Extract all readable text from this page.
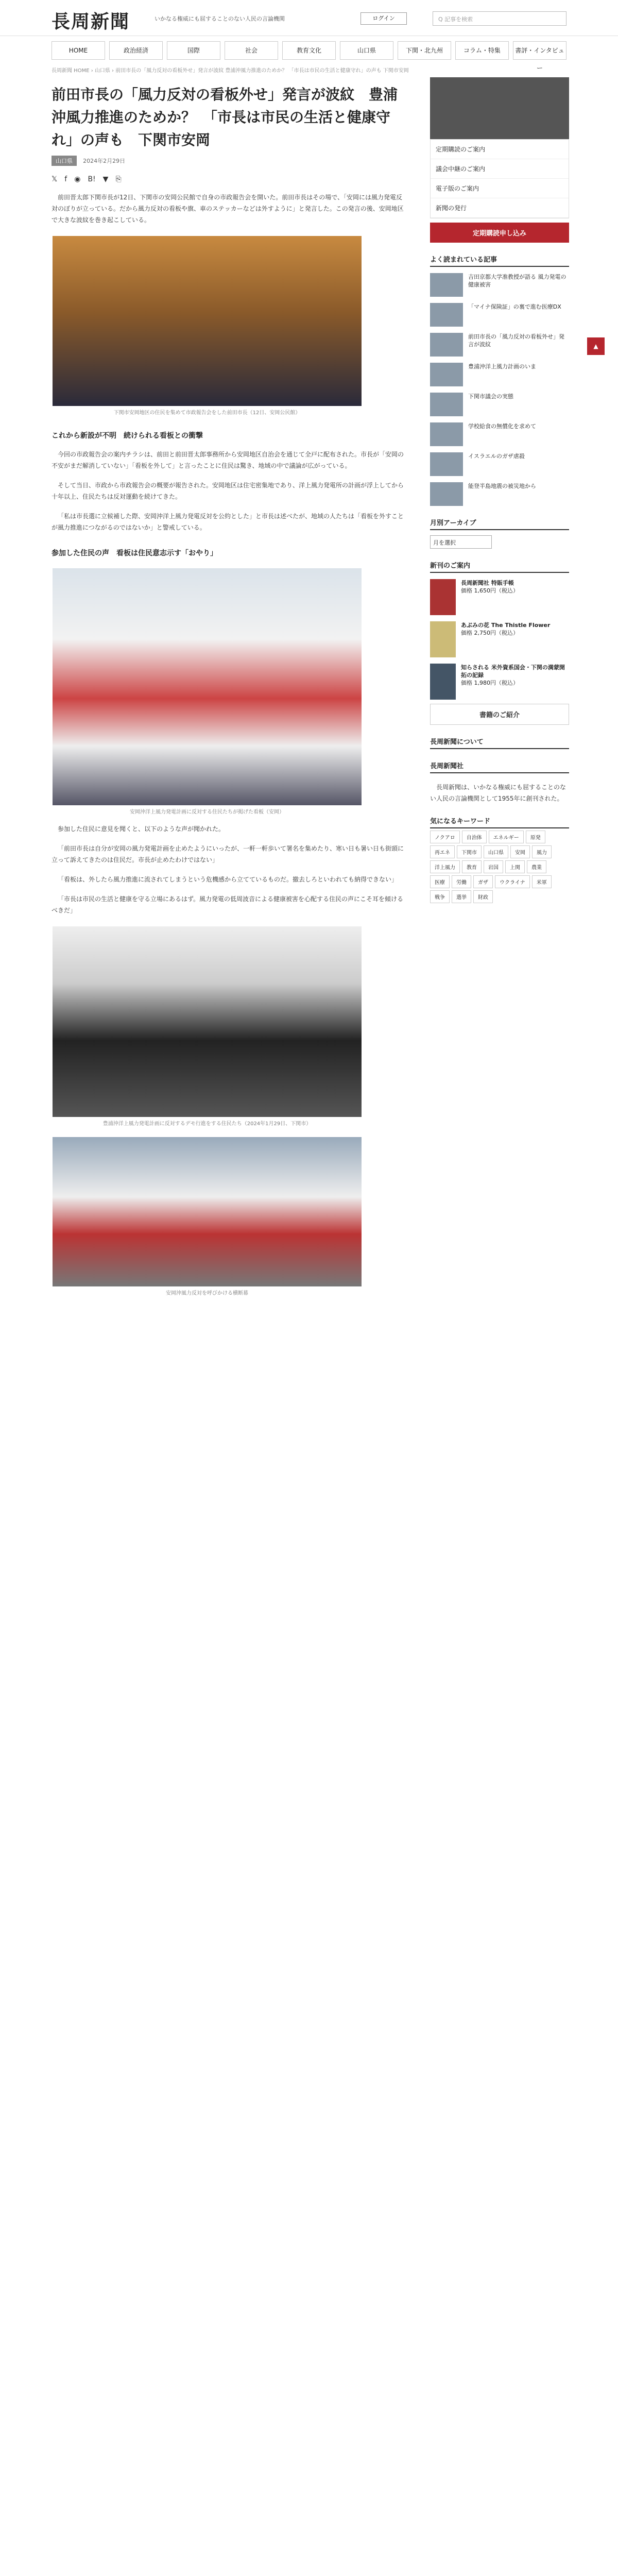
長周新聞	いかなる権威にも屈することのない人民の言論機関	ログイン	Q 記事を検索
HOME	政治経済	国際	社会	教育文化	山口県	下関・北九州	コラム・特集	書評・インタビュー
長周新聞 HOME › 山口県 › 前田市長の「風力反対の看板外せ」発言が波紋 豊浦沖風力推進のためか？ 「市長は市民の生活と健康守れ」の声も 下関市安岡
前田市長の「風力反対の看板外せ」発言が波紋　豊浦沖風力推進のためか？　「市長は市民の生活と健康守れ」の声も　下関市安岡
山口県 2024年2月29日
𝕏 f ◉ B! ▼ ⎘

前田晋太郎下関市長が12日、下関市の安岡公民館で自身の市政報告会を開いた。前田市長はその場で、「安岡には風力発電反対のぼりが立っている。だから風力反対の看板や旗、車のステッカーなどは外すように」と発言した。この発言の後、安岡地区で大きな波紋を巻き起こしている。

下関市安岡地区の住民を集めて市政報告会をした前田市長（12日、安岡公民館）
これから新設が不明　続けられる看板との衝撃

今回の市政報告会の案内チラシは、前田と前田晋太郎事務所から安岡地区自治会を通じて全戸に配布された。市長が「安岡の不安がまだ解消していない」「看板を外して」と言ったことに住民は驚き、地域の中で議論が広がっている。

そして当日、市政から市政報告会の概要が報告された。安岡地区は住宅密集地であり、洋上風力発電所の計画が浮上してから十年以上、住民たちは反対運動を続けてきた。

「私は市長選に立候補した際、安岡沖洋上風力発電反対を公約とした」と市長は述べたが、地域の人たちは「看板を外すことが風力推進につながるのではないか」と警戒している。

参加した住民の声　看板は住民意志示す「おやり」
安岡沖洋上風力発電計画に反対する住民たちが掲げた看板（安岡）

参加した住民に意見を聞くと、以下のような声が聞かれた。

「前田市長は自分が安岡の風力発電計画を止めたようにいったが、一軒一軒歩いて署名を集めたり、寒い日も暑い日も街頭に立って訴えてきたのは住民だ。市長が止めたわけではない」

「看板は、外したら風力推進に流されてしまうという危機感から立てているものだ。撤去しろといわれても納得できない」

「市長は市民の生活と健康を守る立場にあるはず。風力発電の低周波音による健康被害を心配する住民の声にこそ耳を傾けるべきだ」

豊浦沖洋上風力発電計画に反対するデモ行進をする住民たち（2024年1月29日、下関市）
安岡沖風力反対を呼びかける横断幕
定期購読のご案内
議会中継のご案内
電子版のご案内
新聞の発行
定期購読申し込み
よく読まれている記事
吉田京都大学准教授が語る 風力発電の健康被害
「マイナ保険証」の裏で進む医療DX
前田市長の「風力反対の看板外せ」発言が波紋
豊浦沖洋上風力計画のいま
下関市議会の実態
学校給食の無償化を求めて
イスラエルのガザ虐殺
能登半島地震の被災地から
月別アーカイブ
月を選択
新刊のご案内
長周新聞社 特販手帳
価格 1,650円（税込）
あぶみの花 The Thistle Flower
価格 2,750円（税込）
知らされる 米外資系国会・下関の満蒙開拓の記録
価格 1,980円（税込）
書籍のご紹介
長周新聞について
長周新聞社

長周新聞は、いかなる権威にも屈することのない人民の言論機関として1955年に創刊された。

気になるキーワード
ノクアロ 自治体 エネルギー 原発再エネ 下関市 山口県 安岡 風力洋上風力 教育 岩国 上関 農業医療 労働 ガザ ウクライナ 米軍戦争 選挙 財政
▲
